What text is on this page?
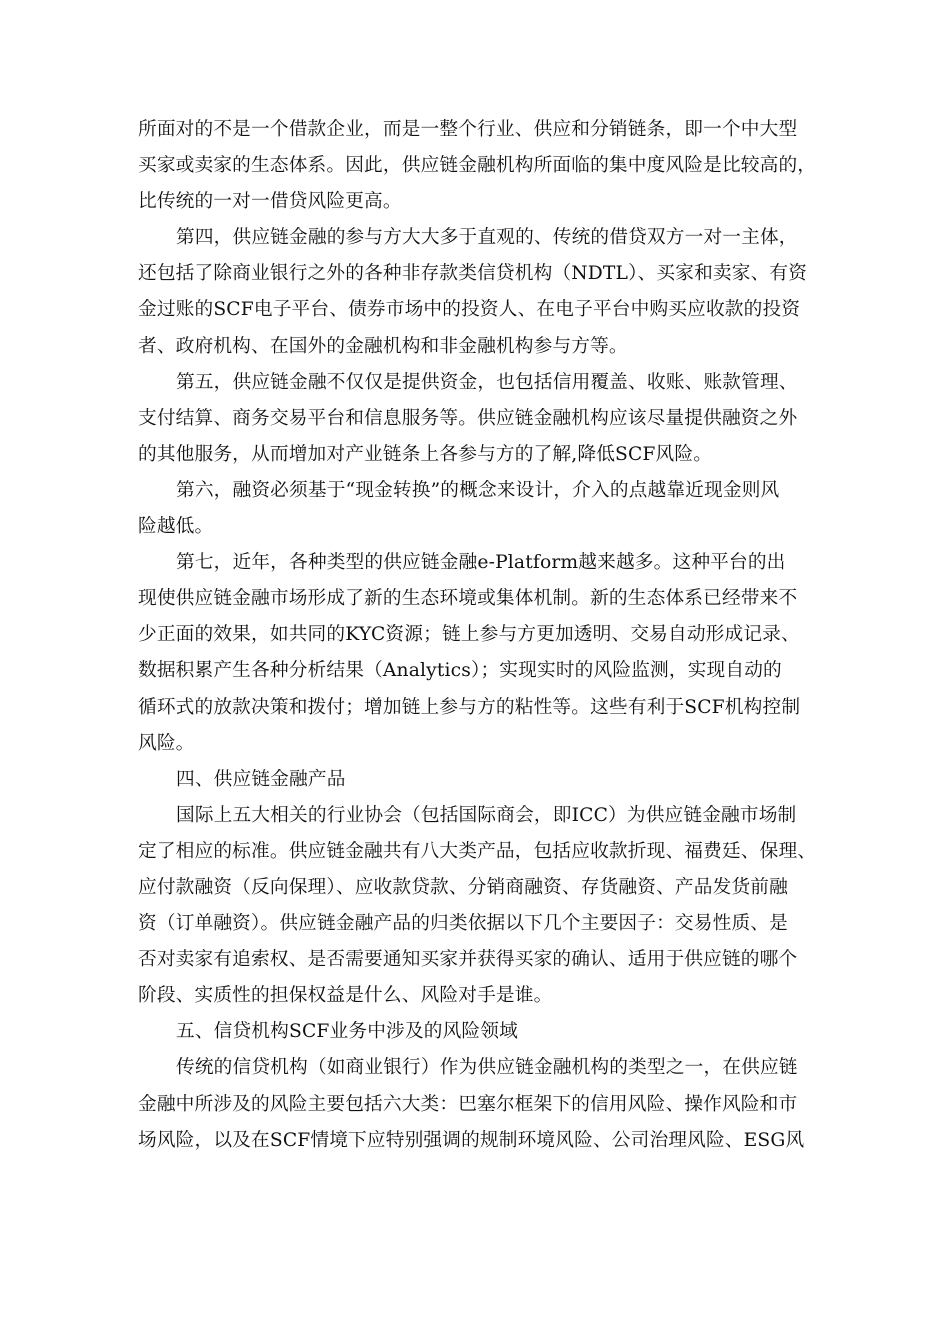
所面对的不是一个借款企业，而是一整个行业、供应和分销链条，即一个中大型
买家或卖家的生态体系。因此，供应链金融机构所面临的集中度风险是比较高的，
比传统的一对一借贷风险更高。
第四，供应链金融的参与方大大多于直观的、传统的借贷双方一对一主体，
还包括了除商业银行之外的各种非存款类信贷机构（NDTL）、买家和卖家、有资
金过账的SCF电子平台、债券市场中的投资人、在电子平台中购买应收款的投资
者、政府机构、在国外的金融机构和非金融机构参与方等。
第五，供应链金融不仅仅是提供资金，也包括信用覆盖、收账、账款管理、
支付结算、商务交易平台和信息服务等。供应链金融机构应该尽量提供融资之外
的其他服务，从而增加对产业链条上各参与方的了解,降低SCF风险。
第六，融资必须基于“现金转换”的概念来设计，介入的点越靠近现金则风
险越低。
第七，近年，各种类型的供应链金融e-Platform越来越多。这种平台的出
现使供应链金融市场形成了新的生态环境或集体机制。新的生态体系已经带来不
少正面的效果，如共同的KYC资源；链上参与方更加透明、交易自动形成记录、
数据积累产生各种分析结果（Analytics）；实现实时的风险监测，实现自动的
循环式的放款决策和拨付；增加链上参与方的粘性等。这些有利于SCF机构控制
风险。
四、供应链金融产品
国际上五大相关的行业协会（包括国际商会，即ICC）为供应链金融市场制
定了相应的标准。供应链金融共有八大类产品，包括应收款折现、福费廷、保理、
应付款融资（反向保理）、应收款贷款、分销商融资、存货融资、产品发货前融
资（订单融资）。供应链金融产品的归类依据以下几个主要因子：交易性质、是
否对卖家有追索权、是否需要通知买家并获得买家的确认、适用于供应链的哪个
阶段、实质性的担保权益是什么、风险对手是谁。
五、信贷机构SCF业务中涉及的风险领域
传统的信贷机构（如商业银行）作为供应链金融机构的类型之一，在供应链
金融中所涉及的风险主要包括六大类：巴塞尔框架下的信用风险、操作风险和市
场风险，以及在SCF情境下应特别强调的规制环境风险、公司治理风险、ESG风
